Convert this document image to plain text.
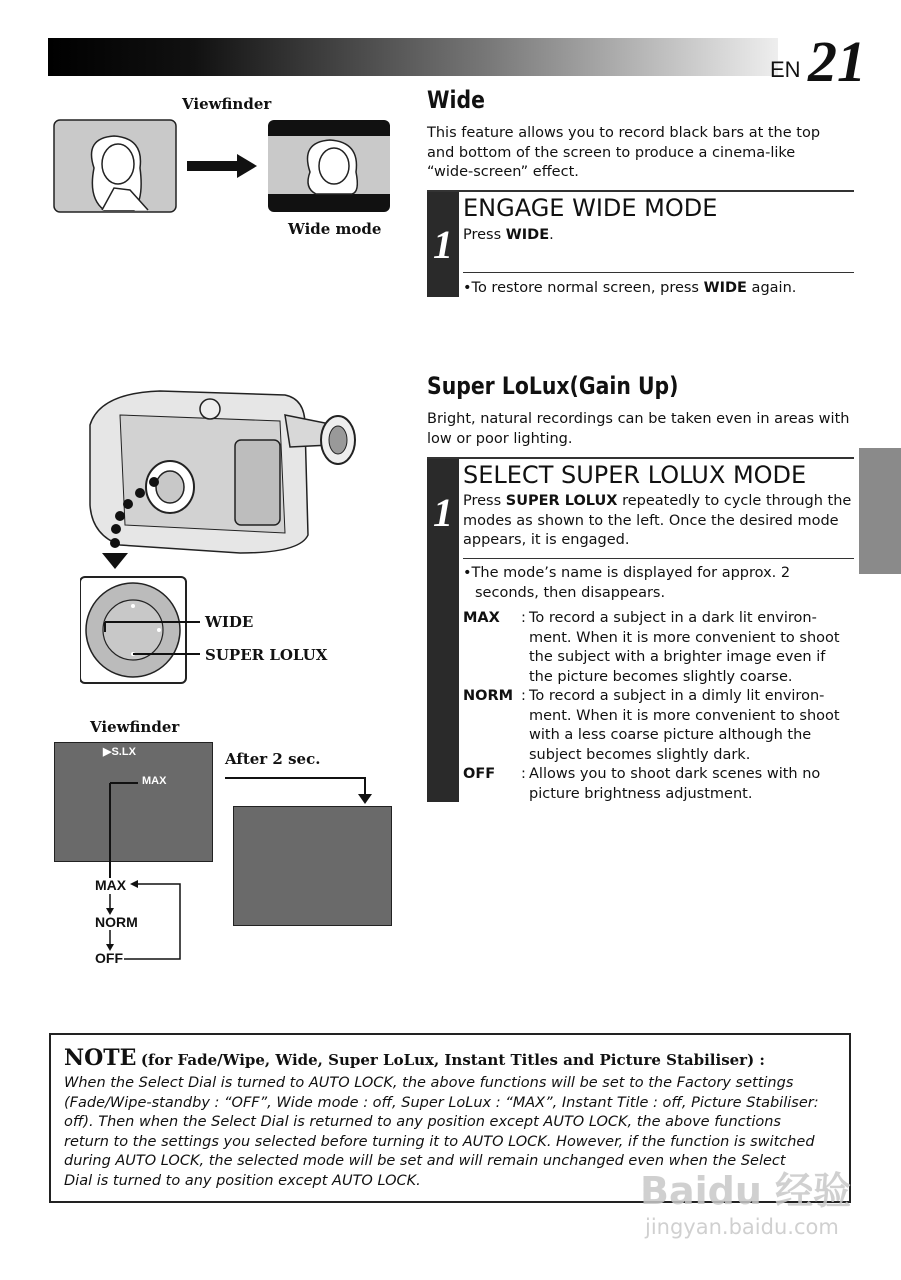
EN 21
Viewfinder
Wide mode
Wide
This feature allows you to record black bars at the top
and bottom of the screen to produce a cinema-like
“wide-screen” effect.
1
ENGAGE WIDE MODE
Press WIDE.
•To restore normal screen, press WIDE again.
WIDE
SUPER LOLUX
Viewfinder
▶S.LX
MAX
After 2 sec.
MAX
NORM
OFF
Super LoLux(Gain Up)
Bright, natural recordings can be taken even in areas with
low or poor lighting.
1
SELECT SUPER LOLUX MODE
Press SUPER LOLUX repeatedly to cycle through the
modes as shown to the left. Once the desired mode
appears, it is engaged.
•The mode’s name is displayed for approx. 2
seconds, then disappears.
MAX	: To record a subject in a dark lit environ-
ment. When it is more convenient to shoot
the subject with a brighter image even if
the picture becomes slightly coarse.
NORM : To record a subject in a dimly lit environ-
ment. When it is more convenient to shoot
with a less coarse picture although the
subject becomes slightly dark.
OFF	: Allows you to shoot dark scenes with no
picture brightness adjustment.
NOTE (for Fade/Wipe, Wide, Super LoLux, Instant Titles and Picture Stabiliser) :
When the Select Dial is turned to AUTO LOCK, the above functions will be set to the Factory settings
(Fade/Wipe-standby : “OFF”, Wide mode : off, Super LoLux : “MAX”, Instant Title : off, Picture Stabiliser:
off). Then when the Select Dial is returned to any position except AUTO LOCK, the above functions
return to the settings you selected before turning it to AUTO LOCK. However, if the function is switched
during AUTO LOCK, the selected mode will be set and will remain unchanged even when the Select
Dial is turned to any position except AUTO LOCK.	Baidu 经验
jingyan.baidu.com
